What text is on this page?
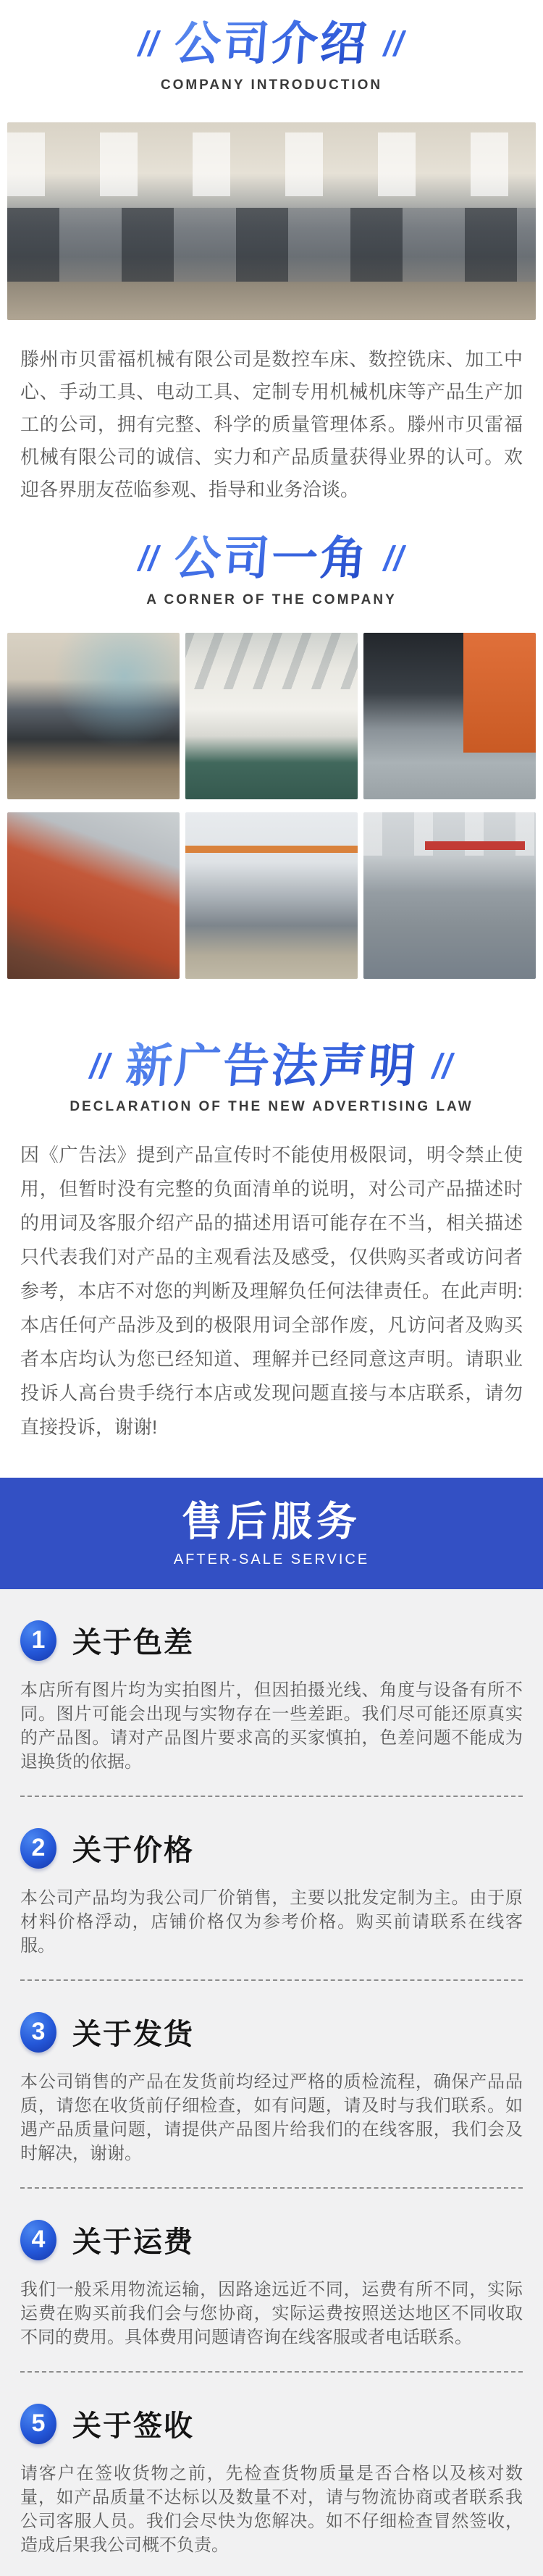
公司介绍
COMPANY INTRODUCTION

滕州市贝雷福机械有限公司是数控车床、数控铣床、加工中心、手动工具、电动工具、定制专用机械机床等产品生产加工的公司，拥有完整、科学的质量管理体系。滕州市贝雷福机械有限公司的诚信、实力和产品质量获得业界的认可。欢迎各界朋友莅临参观、指导和业务洽谈。

公司一角
A CORNER OF THE COMPANY
新广告法声明
DECLARATION OF THE NEW ADVERTISING LAW

因《广告法》提到产品宣传时不能使用极限词，明令禁止使用，但暂时没有完整的负面清单的说明，对公司产品描述时的用词及客服介绍产品的描述用语可能存在不当，相关描述只代表我们对产品的主观看法及感受，仅供购买者或访问者参考，本店不对您的判断及理解负任何法律责任。在此声明:本店任何产品涉及到的极限用词全部作废，凡访问者及购买者本店均认为您已经知道、理解并已经同意这声明。请职业投诉人高台贵手绕行本店或发现问题直接与本店联系，请勿直接投诉，谢谢!

售后服务
AFTER-SALE SERVICE
1 关于色差

本店所有图片均为实拍图片，但因拍摄光线、角度与设备有所不同。图片可能会出现与实物存在一些差距。我们尽可能还原真实的产品图。请对产品图片要求高的买家慎拍，色差问题不能成为退换货的依据。

2 关于价格

本公司产品均为我公司厂价销售，主要以批发定制为主。由于原材料价格浮动，店铺价格仅为参考价格。购买前请联系在线客服。

3 关于发货

本公司销售的产品在发货前均经过严格的质检流程，确保产品品质，请您在收货前仔细检查，如有问题，请及时与我们联系。如遇产品质量问题，请提供产品图片给我们的在线客服，我们会及时解决，谢谢。

4 关于运费

我们一般采用物流运输，因路途远近不同，运费有所不同，实际运费在购买前我们会与您协商，实际运费按照送达地区不同收取不同的费用。具体费用问题请咨询在线客服或者电话联系。

5 关于签收

请客户在签收货物之前，先检查货物质量是否合格以及核对数量，如产品质量不达标以及数量不对，请与物流协商或者联系我公司客服人员。我们会尽快为您解决。如不仔细检查冒然签收，造成后果我公司概不负责。
